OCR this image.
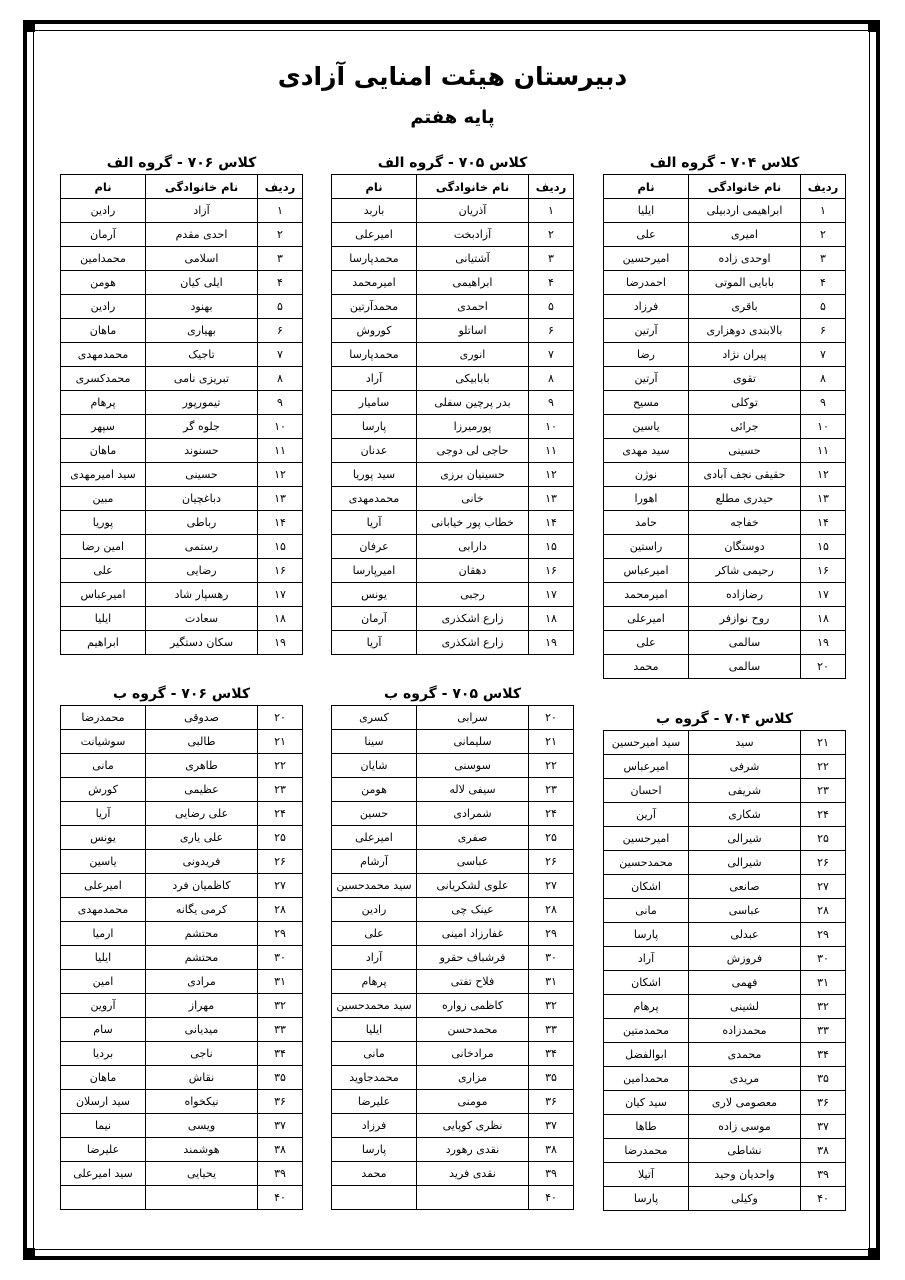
دبیرستان هیئت امنایی آزادی
پایه هفتم
کلاس ۷۰۴ - گروه الف
ردیف	نام خانوادگی	نام
۱	ابراهیمی اردبیلی	ایلیا
۲	امیری	علی
۳	اوحدی زاده	امیرحسین
۴	بابایی الموتی	احمدرضا
۵	باقری	فرزاد
۶	بالابندی دوهزاری	آرتین
۷	پیران نژاد	رضا
۸	تقوی	آرتین
۹	توکلی	مسیح
۱۰	جرائی	یاسین
۱۱	حسینی	سید مهدی
۱۲	حقیقی نجف آبادی	نوژن
۱۳	حیدری مطلع	اهورا
۱۴	خفاجه	حامد
۱۵	دوستگان	راستین
۱۶	رحیمی شاکر	امیرعباس
۱۷	رضازاده	امیرمحمد
۱۸	روح نوازفر	امیرعلی
۱۹	سالمی	علی
۲۰	سالمی	محمد
کلاس ۷۰۵ - گروه الف
ردیف	نام خانوادگی	نام
۱	آذریان	باربد
۲	آزادبخت	امیرعلی
۳	آشتیانی	محمدپارسا
۴	ابراهیمی	امیرمحمد
۵	احمدی	محمدآرتین
۶	اساتلو	کوروش
۷	انوری	محمدپارسا
۸	بابابیکی	آراد
۹	بدر پرچین سفلی	سامیار
۱۰	پورمیرزا	پارسا
۱۱	حاجی لی دوجی	عدنان
۱۲	حسینیان برزی	سید پوریا
۱۳	خانی	محمدمهدی
۱۴	خطاب پور خیابانی	آریا
۱۵	دارابی	عرفان
۱۶	دهقان	امیرپارسا
۱۷	رجبی	یونس
۱۸	زارع اشکذری	آرمان
۱۹	زارع اشکذری	آریا
کلاس ۷۰۶ - گروه الف
ردیف	نام خانوادگی	نام
۱	آزاد	رادین
۲	احدی مقدم	آرمان
۳	اسلامی	محمدامین
۴	ایلی کیان	هومن
۵	بهنود	رادین
۶	بهیاری	ماهان
۷	تاجیک	محمدمهدی
۸	تبریزی نامی	محمدکسری
۹	تیمورپور	پرهام
۱۰	جلوه گر	سپهر
۱۱	حسنوند	ماهان
۱۲	حسینی	سید امیرمهدی
۱۳	دباغچیان	مبین
۱۴	رباطی	پوریا
۱۵	رستمی	امین رضا
۱۶	رضایی	علی
۱۷	رهسپار شاد	امیرعباس
۱۸	سعادت	ایلیا
۱۹	سکان دستگیر	ابراهیم
کلاس ۷۰۴ - گروه ب
۲۱	سید	سید امیرحسین
۲۲	شرفی	امیرعباس
۲۳	شریفی	احسان
۲۴	شکاری	آرین
۲۵	شیرالی	امیرحسین
۲۶	شیرالی	محمدحسین
۲۷	صانعی	اشکان
۲۸	عباسی	مانی
۲۹	عبدلی	پارسا
۳۰	فروزش	آراد
۳۱	فهمی	اشکان
۳۲	لشینی	پرهام
۳۳	محمدزاده	محمدمتین
۳۴	محمدی	ابوالفضل
۳۵	مریدی	محمدامین
۳۶	معصومی لاری	سید کیان
۳۷	موسی زاده	طاها
۳۸	نشاطی	محمدرضا
۳۹	واحدیان وحید	آتیلا
۴۰	وکیلی	پارسا
کلاس ۷۰۵ - گروه ب
۲۰	سرابی	کسری
۲۱	سلیمانی	سینا
۲۲	سوسنی	شایان
۲۳	سیفی لاله	هومن
۲۴	شمرادی	حسین
۲۵	صفری	امیرعلی
۲۶	عباسی	آرشام
۲۷	علوی لشکریانی	سید محمدحسین
۲۸	عینک چی	رادین
۲۹	غفارزاد امینی	علی
۳۰	فرشباف حقرو	آراد
۳۱	فلاح تفتی	پرهام
۳۲	کاظمی زواره	سید محمدحسین
۳۳	محمدحسن	ایلیا
۳۴	مرادخانی	مانی
۳۵	مزاری	محمدجاوید
۳۶	مومنی	علیرضا
۳۷	نظری کوپایی	فرزاد
۳۸	نقدی رهورد	پارسا
۳۹	نقدی فرید	محمد
۴۰		
کلاس ۷۰۶ - گروه ب
۲۰	صدوقی	محمدرضا
۲۱	طالبی	سوشیانت
۲۲	طاهری	مانی
۲۳	عظیمی	کورش
۲۴	علی رضایی	آریا
۲۵	علی یاری	یونس
۲۶	فریدونی	یاسین
۲۷	کاظمیان فرد	امیرعلی
۲۸	کرمی یگانه	محمدمهدی
۲۹	محتشم	ارمیا
۳۰	محتشم	ایلیا
۳۱	مرادی	امین
۳۲	مهراز	آروین
۳۳	میدیانی	سام
۳۴	ناجی	بردیا
۳۵	نقاش	ماهان
۳۶	نیکخواه	سید ارسلان
۳۷	ویسی	نیما
۳۸	هوشمند	علیرضا
۳۹	یحیایی	سید امیرعلی
۴۰		
